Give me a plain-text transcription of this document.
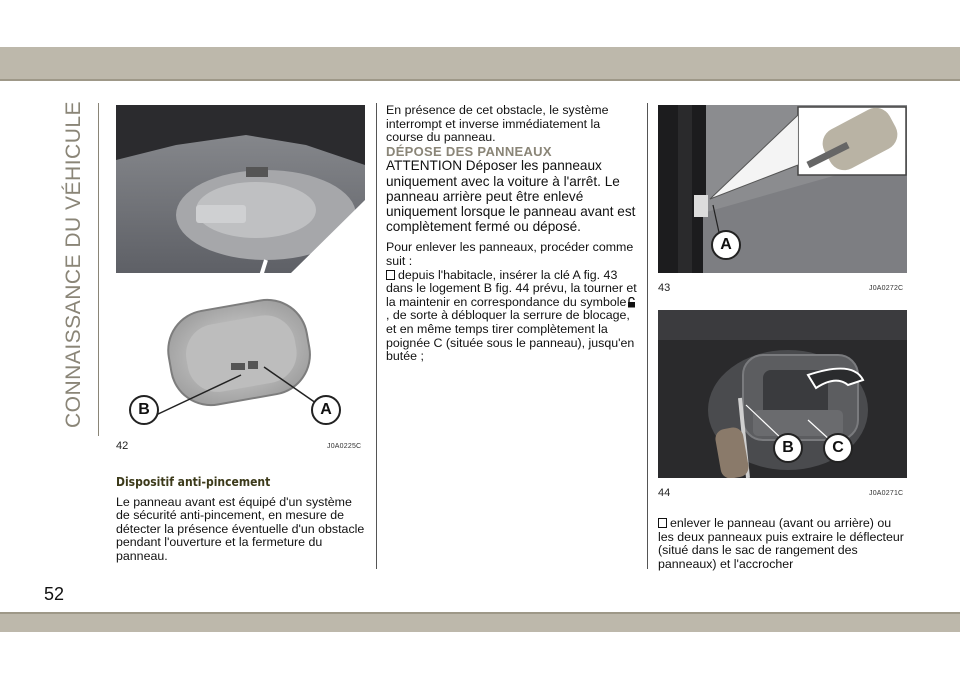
CONNAISSANCE DU VÉHICULE
52
B	A
42	J0A0225C
A
43	J0A0272C
B C
44	J0A0271C

Dispositif anti-pincement

Le panneau avant est équipé d'un système de sécurité anti-pincement, en mesure de détecter la présence éventuelle d'un obstacle pendant l'ouverture et la fermeture du panneau.

En présence de cet obstacle, le système interrompt et inverse immédiatement la course du panneau.

DÉPOSE DES PANNEAUX

ATTENTION Déposer les panneaux uniquement avec la voiture à l'arrêt. Le panneau arrière peut être enlevé uniquement lorsque le panneau avant est complètement fermé ou déposé.

Pour enlever les panneaux, procéder comme suit :

depuis l'habitacle, insérer la clé A fig. 43 dans le logement B fig. 44 prévu, la tourner et la maintenir en correspondance du symbole, de sorte à débloquer la serrure de blocage, et en même temps tirer complètement la poignée C (située sous le panneau), jusqu'en butée ;

enlever le panneau (avant ou arrière) ou les deux panneaux puis extraire le déflecteur (situé dans le sac de rangement des panneaux) et l'accrocher
